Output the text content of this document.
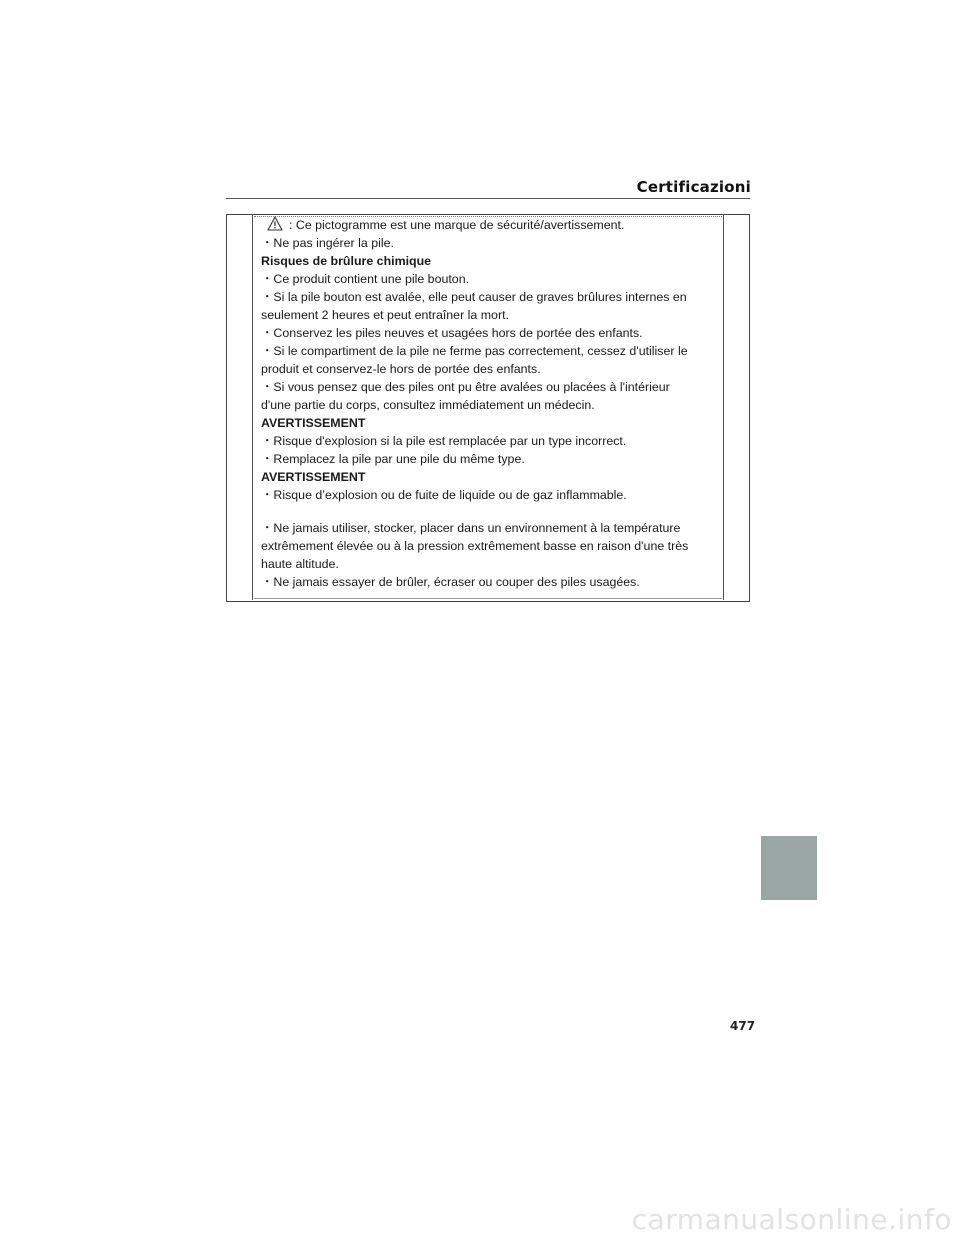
Certificazioni
: Ce pictogramme est une marque de sécurité/avertissement.
・Ne pas ingérer la pile.
Risques de brûlure chimique
・Ce produit contient une pile bouton.
・Si la pile bouton est avalée, elle peut causer de graves brûlures internes en
seulement 2 heures et peut entraîner la mort.
・Conservez les piles neuves et usagées hors de portée des enfants.
・Si le compartiment de la pile ne ferme pas correctement, cessez d'utiliser le
produit et conservez-le hors de portée des enfants.
・Si vous pensez que des piles ont pu être avalées ou placées à l'intérieur
d'une partie du corps, consultez immédiatement un médecin.
AVERTISSEMENT
・Risque d'explosion si la pile est remplacée par un type incorrect.
・Remplacez la pile par une pile du même type.
AVERTISSEMENT
・Risque d’explosion ou de fuite de liquide ou de gaz inflammable.
・Ne jamais utiliser, stocker, placer dans un environnement à la température
extrêmement élevée ou à la pression extrêmement basse en raison d'une très
haute altitude.
・Ne jamais essayer de brûler, écraser ou couper des piles usagées.
477
carmanualsonline.info
